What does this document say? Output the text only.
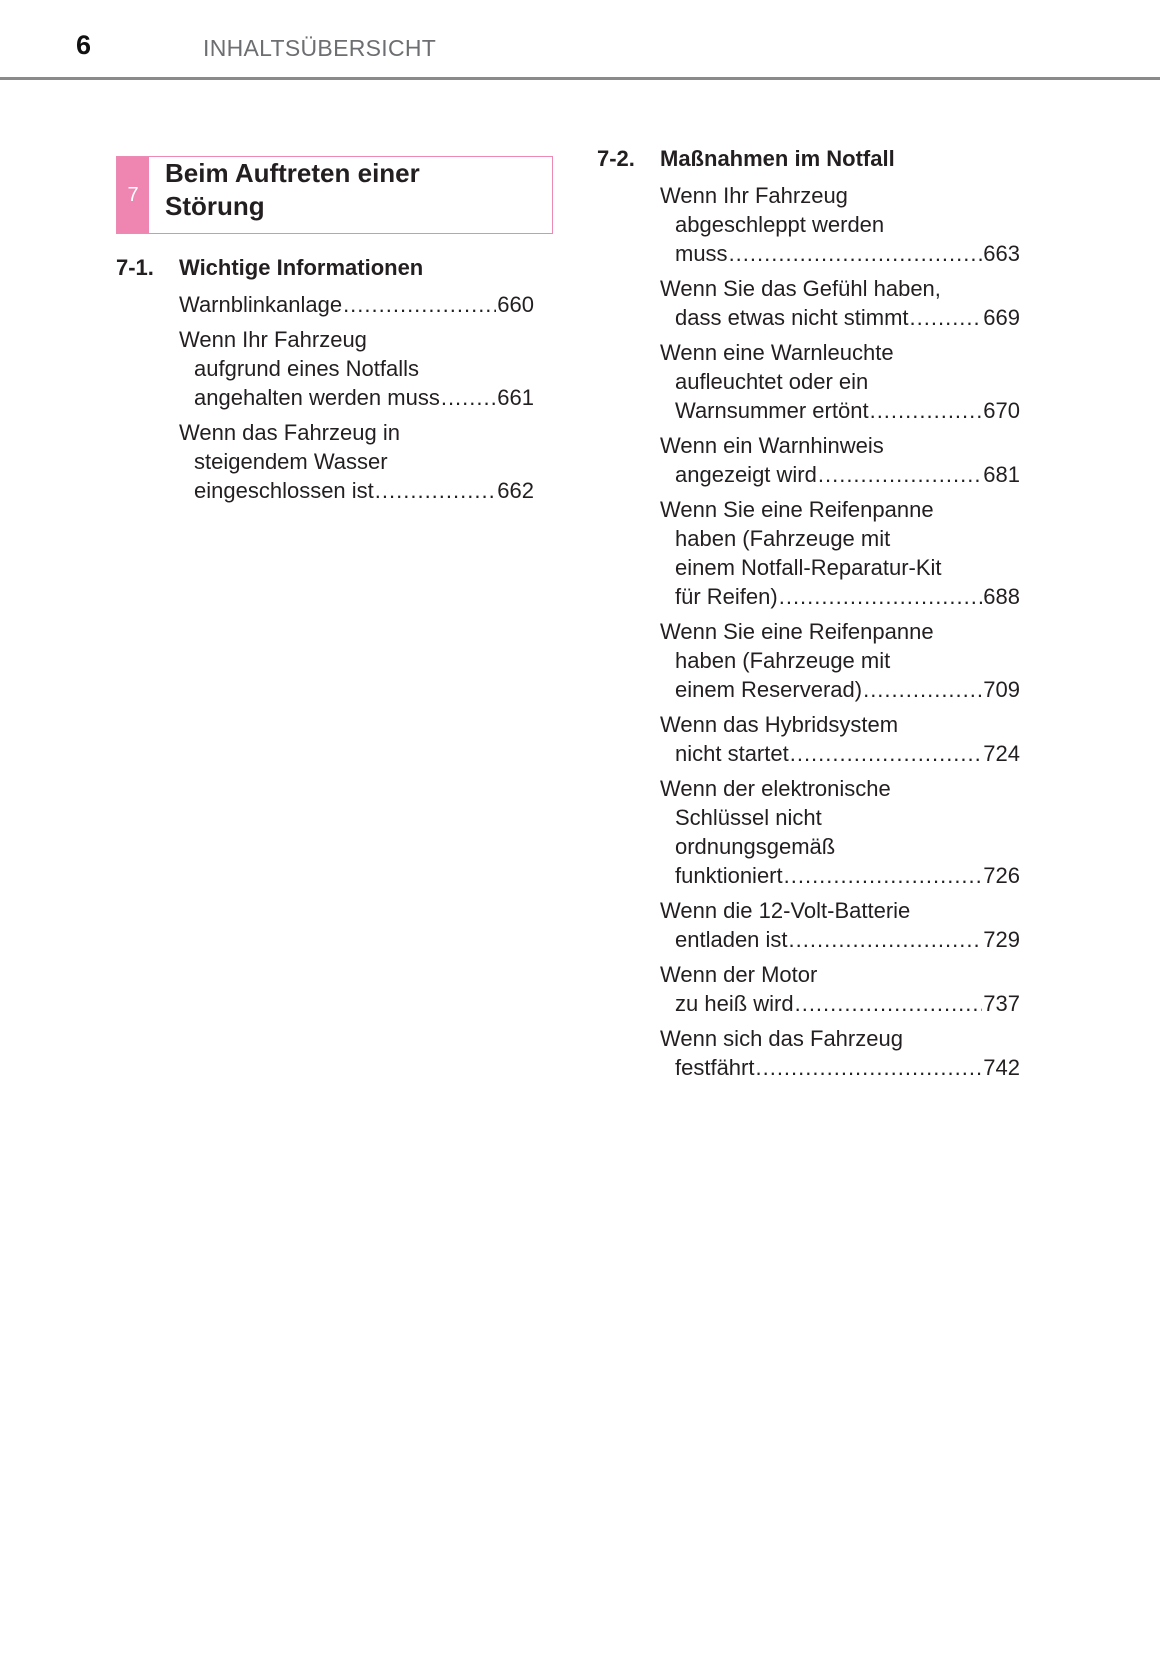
6	INHALTSÜBERSICHT
7
Beim Auftreten einer
Störung
7-1. Wichtige Informationen
Warnblinkanlage .....	660
Wenn Ihr Fahrzeug
aufgrund eines Notfalls
angehalten werden muss .....	661
Wenn das Fahrzeug in
steigendem Wasser
eingeschlossen ist .....	662
7-2. Maßnahmen im Notfall
Wenn Ihr Fahrzeug
abgeschleppt werden
muss .....	663
Wenn Sie das Gefühl haben,
dass etwas nicht stimmt .....	669
Wenn eine Warnleuchte
aufleuchtet oder ein
Warnsummer ertönt .....	670
Wenn ein Warnhinweis
angezeigt wird .....	681
Wenn Sie eine Reifenpanne
haben (Fahrzeuge mit
einem Notfall-Reparatur-Kit
für Reifen) .....	688
Wenn Sie eine Reifenpanne
haben (Fahrzeuge mit
einem Reserverad) .....	709
Wenn das Hybridsystem
nicht startet .....	724
Wenn der elektronische
Schlüssel nicht
ordnungsgemäß
funktioniert .....	726
Wenn die 12-Volt-Batterie
entladen ist .....	729
Wenn der Motor
zu heiß wird .....	737
Wenn sich das Fahrzeug
festfährt .....	742
